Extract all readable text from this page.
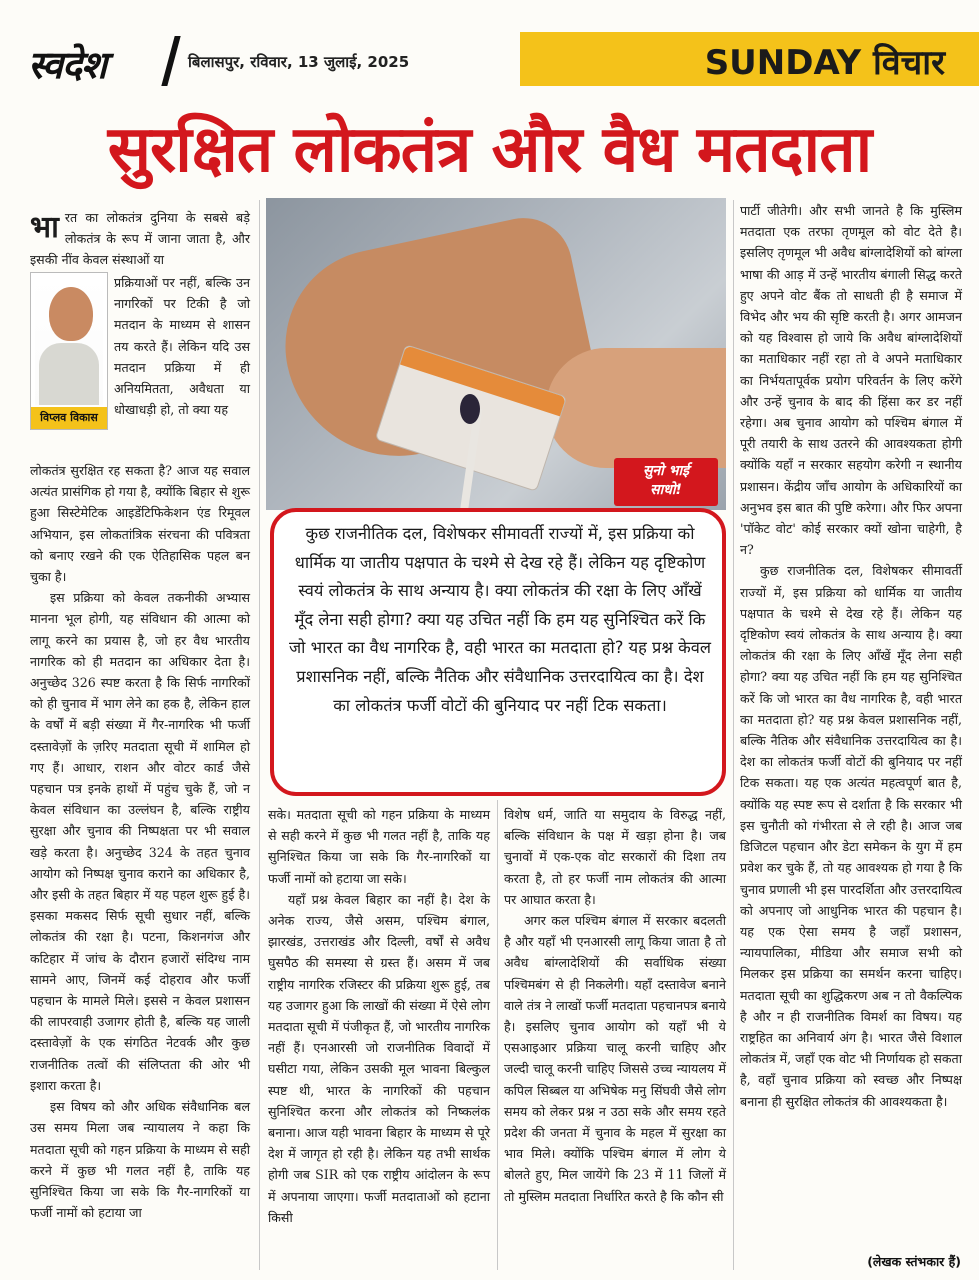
स्वदेश	बिलासपुर, रविवार, 13 जुलाई, 2025	SUNDAY विचार
सुरक्षित लोकतंत्र और वैध मतदाता

भारत का लोकतंत्र दुनिया के सबसे बड़े लोकतंत्र के रूप में जाना जाता है, और इसकी नींव केवल संस्थाओं या

विप्लव विकास

प्रक्रियाओं पर नहीं, बल्कि उन नागरिकों पर टिकी है जो मतदान के माध्यम से शासन तय करते हैं। लेकिन यदि उस मतदान प्रक्रिया में ही अनियमितता, अवैधता या धोखाधड़ी हो, तो क्या यह

लोकतंत्र सुरक्षित रह सकता है? आज यह सवाल अत्यंत प्रासंगिक हो गया है, क्योंकि बिहार से शुरू हुआ सिस्टेमेटिक आइडेंटिफिकेशन एंड रिमूवल अभियान, इस लोकतांत्रिक संरचना की पवित्रता को बनाए रखने की एक ऐतिहासिक पहल बन चुका है।

इस प्रक्रिया को केवल तकनीकी अभ्यास मानना भूल होगी, यह संविधान की आत्मा को लागू करने का प्रयास है, जो हर वैध भारतीय नागरिक को ही मतदान का अधिकार देता है। अनुच्छेद 326 स्पष्ट करता है कि सिर्फ नागरिकों को ही चुनाव में भाग लेने का हक है, लेकिन हाल के वर्षों में बड़ी संख्या में गैर-नागरिक भी फर्जी दस्तावेज़ों के ज़रिए मतदाता सूची में शामिल हो गए हैं। आधार, राशन और वोटर कार्ड जैसे पहचान पत्र इनके हाथों में पहुंच चुके हैं, जो न केवल संविधान का उल्लंघन है, बल्कि राष्ट्रीय सुरक्षा और चुनाव की निष्पक्षता पर भी सवाल खड़े करता है। अनुच्छेद 324 के तहत चुनाव आयोग को निष्पक्ष चुनाव कराने का अधिकार है, और इसी के तहत बिहार में यह पहल शुरू हुई है। इसका मकसद सिर्फ सूची सुधार नहीं, बल्कि लोकतंत्र की रक्षा है। पटना, किशनगंज और कटिहार में जांच के दौरान हजारों संदिग्ध नाम सामने आए, जिनमें कई दोहराव और फर्जी पहचान के मामले मिले। इससे न केवल प्रशासन की लापरवाही उजागर होती है, बल्कि यह जाली दस्तावेज़ों के एक संगठित नेटवर्क और कुछ राजनीतिक तत्वों की संलिप्तता की ओर भी इशारा करता है।

इस विषय को और अधिक संवैधानिक बल उस समय मिला जब न्यायालय ने कहा कि मतदाता सूची को गहन प्रक्रिया के माध्यम से सही करने में कुछ भी गलत नहीं है, ताकि यह सुनिश्चित किया जा सके कि गैर-नागरिकों या फर्जी नामों को हटाया जा

सुनो भाई
साधो!
कुछ राजनीतिक दल, विशेषकर सीमावर्ती राज्यों में, इस प्रक्रिया को धार्मिक या जातीय पक्षपात के चश्मे से देख रहे हैं। लेकिन यह दृष्टिकोण स्वयं लोकतंत्र के साथ अन्याय है। क्या लोकतंत्र की रक्षा के लिए आँखें मूँद लेना सही होगा? क्या यह उचित नहीं कि हम यह सुनिश्चित करें कि जो भारत का वैध नागरिक है, वही भारत का मतदाता हो? यह प्रश्न केवल प्रशासनिक नहीं, बल्कि नैतिक और संवैधानिक उत्तरदायित्व का है। देश का लोकतंत्र फर्जी वोटों की बुनियाद पर नहीं टिक सकता।

सके। मतदाता सूची को गहन प्रक्रिया के माध्यम से सही करने में कुछ भी गलत नहीं है, ताकि यह सुनिश्चित किया जा सके कि गैर-नागरिकों या फर्जी नामों को हटाया जा सके।

यहाँ प्रश्न केवल बिहार का नहीं है। देश के अनेक राज्य, जैसे असम, पश्चिम बंगाल, झारखंड, उत्तराखंड और दिल्ली, वर्षों से अवैध घुसपैठ की समस्या से ग्रस्त हैं। असम में जब राष्ट्रीय नागरिक रजिस्टर की प्रक्रिया शुरू हुई, तब यह उजागर हुआ कि लाखों की संख्या में ऐसे लोग मतदाता सूची में पंजीकृत हैं, जो भारतीय नागरिक नहीं हैं। एनआरसी जो राजनीतिक विवादों में घसीटा गया, लेकिन उसकी मूल भावना बिल्कुल स्पष्ट थी, भारत के नागरिकों की पहचान सुनिश्चित करना और लोकतंत्र को निष्कलंक बनाना। आज यही भावना बिहार के माध्यम से पूरे देश में जागृत हो रही है। लेकिन यह तभी सार्थक होगी जब SIR को एक राष्ट्रीय आंदोलन के रूप में अपनाया जाएगा। फर्जी मतदाताओं को हटाना किसी

विशेष धर्म, जाति या समुदाय के विरुद्ध नहीं, बल्कि संविधान के पक्ष में खड़ा होना है। जब चुनावों में एक-एक वोट सरकारों की दिशा तय करता है, तो हर फर्जी नाम लोकतंत्र की आत्मा पर आघात करता है।

अगर कल पश्चिम बंगाल में सरकार बदलती है और यहाँ भी एनआरसी लागू किया जाता है तो अवैध बांग्लादेशियों की सर्वाधिक संख्या पश्चिमबंग से ही निकलेगी। यहाँ दस्तावेज बनाने वाले तंत्र ने लाखों फर्जी मतदाता पहचानपत्र बनाये है। इसलिए चुनाव आयोग को यहाँ भी ये एसआइआर प्रक्रिया चालू करनी चाहिए और जल्दी चालू करनी चाहिए जिससे उच्च न्यायलय में कपिल सिब्बल या अभिषेक मनु सिंघवी जैसे लोग समय को लेकर प्रश्न न उठा सके और समय रहते प्रदेश की जनता में चुनाव के महल में सुरक्षा का भाव मिले। क्योंकि पश्चिम बंगाल में लोग ये बोलते हुए, मिल जायेंगे कि 23 में 11 जिलों में तो मुस्लिम मतदाता निर्धारित करते है कि कौन सी

पार्टी जीतेगी। और सभी जानते है कि मुस्लिम मतदाता एक तरफा तृणमूल को वोट देते है। इसलिए तृणमूल भी अवैध बांग्लादेशियों को बांग्ला भाषा की आड़ में उन्हें भारतीय बंगाली सिद्ध करते हुए अपने वोट बैंक तो साधती ही है समाज में विभेद और भय की सृष्टि करती है। अगर आमजन को यह विश्वास हो जाये कि अवैध बांग्लादेशियों का मताधिकार नहीं रहा तो वे अपने मताधिकार का निर्भयतापूर्वक प्रयोग परिवर्तन के लिए करेंगे और उन्हें चुनाव के बाद की हिंसा कर डर नहीं रहेगा। अब चुनाव आयोग को पश्चिम बंगाल में पूरी तयारी के साथ उतरने की आवश्यकता होगी क्योंकि यहाँ न सरकार सहयोग करेगी न स्थानीय प्रशासन। केंद्रीय जाँच आयोग के अधिकारियों का अनुभव इस बात की पुष्टि करेगा। और फिर अपना 'पॉकेट वोट' कोई सरकार क्यों खोना चाहेगी, है न?

कुछ राजनीतिक दल, विशेषकर सीमावर्ती राज्यों में, इस प्रक्रिया को धार्मिक या जातीय पक्षपात के चश्मे से देख रहे हैं। लेकिन यह दृष्टिकोण स्वयं लोकतंत्र के साथ अन्याय है। क्या लोकतंत्र की रक्षा के लिए आँखें मूँद लेना सही होगा? क्या यह उचित नहीं कि हम यह सुनिश्चित करें कि जो भारत का वैध नागरिक है, वही भारत का मतदाता हो? यह प्रश्न केवल प्रशासनिक नहीं, बल्कि नैतिक और संवैधानिक उत्तरदायित्व का है। देश का लोकतंत्र फर्जी वोटों की बुनियाद पर नहीं टिक सकता। यह एक अत्यंत महत्वपूर्ण बात है, क्योंकि यह स्पष्ट रूप से दर्शाता है कि सरकार भी इस चुनौती को गंभीरता से ले रही है। आज जब डिजिटल पहचान और डेटा समेकन के युग में हम प्रवेश कर चुके हैं, तो यह आवश्यक हो गया है कि चुनाव प्रणाली भी इस पारदर्शिता और उत्तरदायित्व को अपनाए जो आधुनिक भारत की पहचान है। यह एक ऐसा समय है जहाँ प्रशासन, न्यायपालिका, मीडिया और समाज सभी को मिलकर इस प्रक्रिया का समर्थन करना चाहिए। मतदाता सूची का शुद्धिकरण अब न तो वैकल्पिक है और न ही राजनीतिक विमर्श का विषय। यह राष्ट्रहित का अनिवार्य अंग है। भारत जैसे विशाल लोकतंत्र में, जहाँ एक वोट भी निर्णायक हो सकता है, वहाँ चुनाव प्रक्रिया को स्वच्छ और निष्पक्ष बनाना ही सुरक्षित लोकतंत्र की आवश्यकता है।

(लेखक स्तंभकार हैं)
